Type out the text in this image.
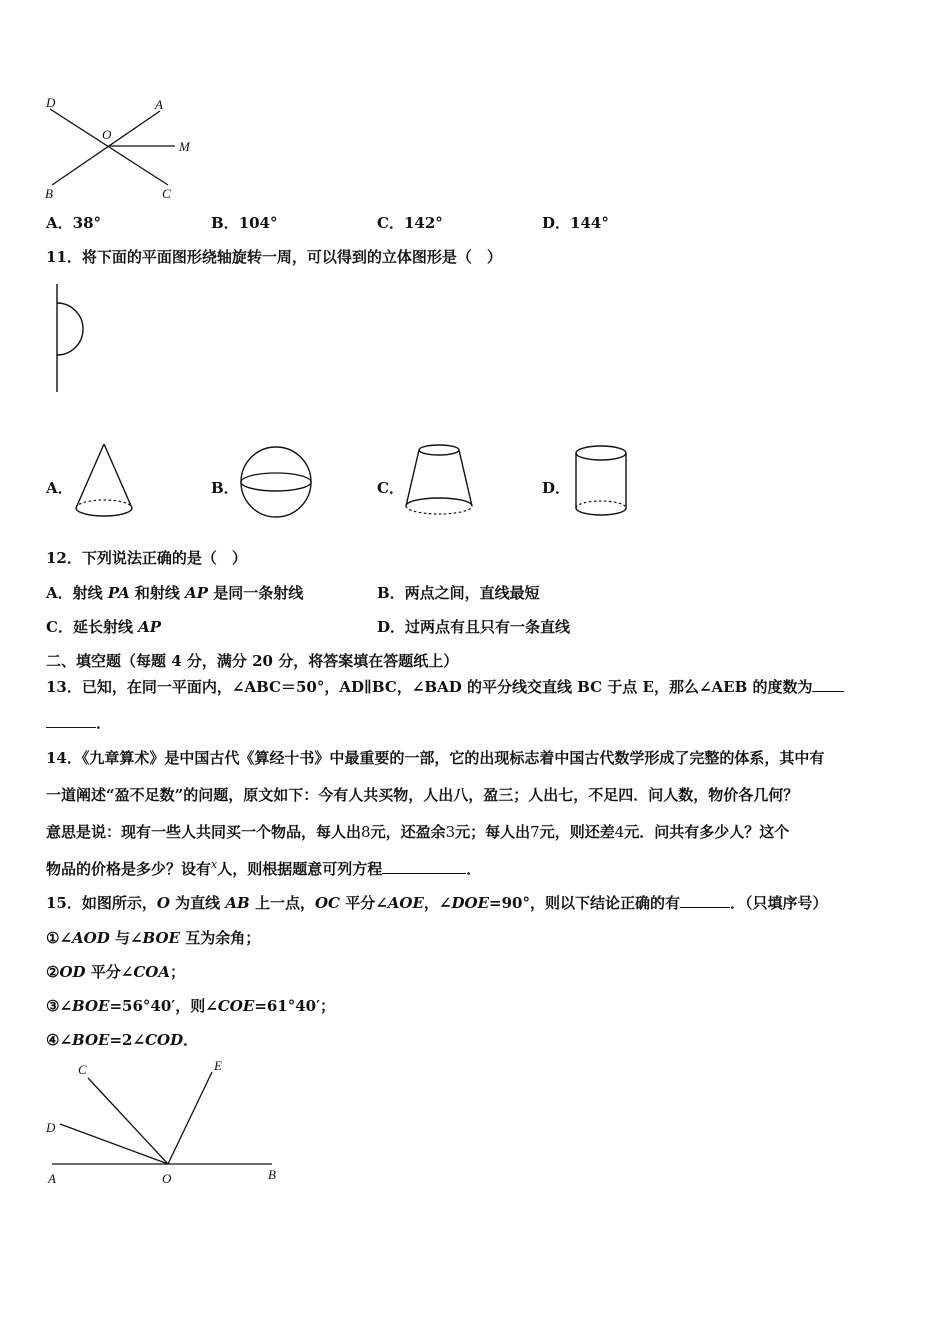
D	A
O
M
B	C
A．38°	B．104°	C．142°	D．144°
11．将下面的平面图形绕轴旋转一周，可以得到的立体图形是（　）
A．	B．	C．	D．
12．下列说法正确的是（　）
A．射线 PA 和射线 AP 是同一条射线	B．两点之间，直线最短
C．延长射线 AP	D．过两点有且只有一条直线
二、填空题（每题 4 分，满分 20 分，将答案填在答题纸上）
13．已知，在同一平面内，∠ABC＝50°，AD∥BC，∠BAD 的平分线交直线 BC 于点 E，那么∠AEB 的度数为
．
14．《九章算术》是中国古代《算经十书》中最重要的一部，它的出现标志着中国古代数学形成了完整的体系，其中有
一道阐述“盈不足数”的问题，原文如下：今有人共买物，人出八，盈三；人出七，不足四．问人数，物价各几何？
意思是说：现有一些人共同买一个物品，每人出8元，还盈余3元；每人出7元，则还差4元．问共有多少人？这个
物品的价格是多少？设有$^x$人，则根据题意可列方程	．
15．如图所示，O 为直线 AB 上一点，OC 平分∠AOE，∠DOE=90°，则以下结论正确的有	．（只填序号）
①∠AOD 与∠BOE 互为余角；
②OD 平分∠COA；
③∠BOE=56°40′，则∠COE=61°40′；
④∠BOE=2∠COD．
C	E
D
A	O	B
